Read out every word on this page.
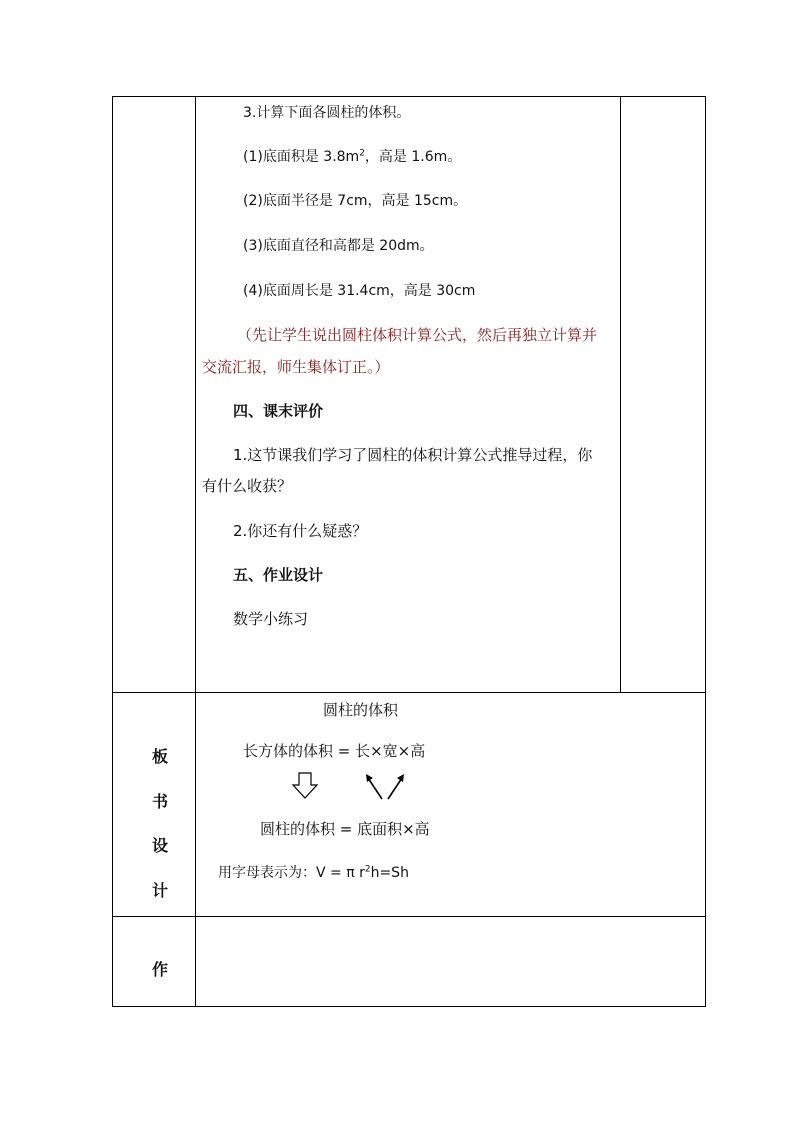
3.计算下面各圆柱的体积。
(1)底面积是 $3.8m^2$，高是 1.6m。
(2)底面半径是 7cm，高是 15cm。
(3)底面直径和高都是 20dm。
(4)底面周长是 31.4cm，高是 30cm
（先让学生说出圆柱体积计算公式，然后再独立计算并
交流汇报，师生集体订正。）
四、课末评价
1.这节课我们学习了圆柱的体积计算公式推导过程，你
有什么收获？
2.你还有什么疑惑？
五、作业设计
数学小练习
板
书
设
计
圆柱的体积
长方体的体积 = 长×宽×高
圆柱的体积 = 底面积×高
用字母表示为：V = π $r^2h=Sh$
作
